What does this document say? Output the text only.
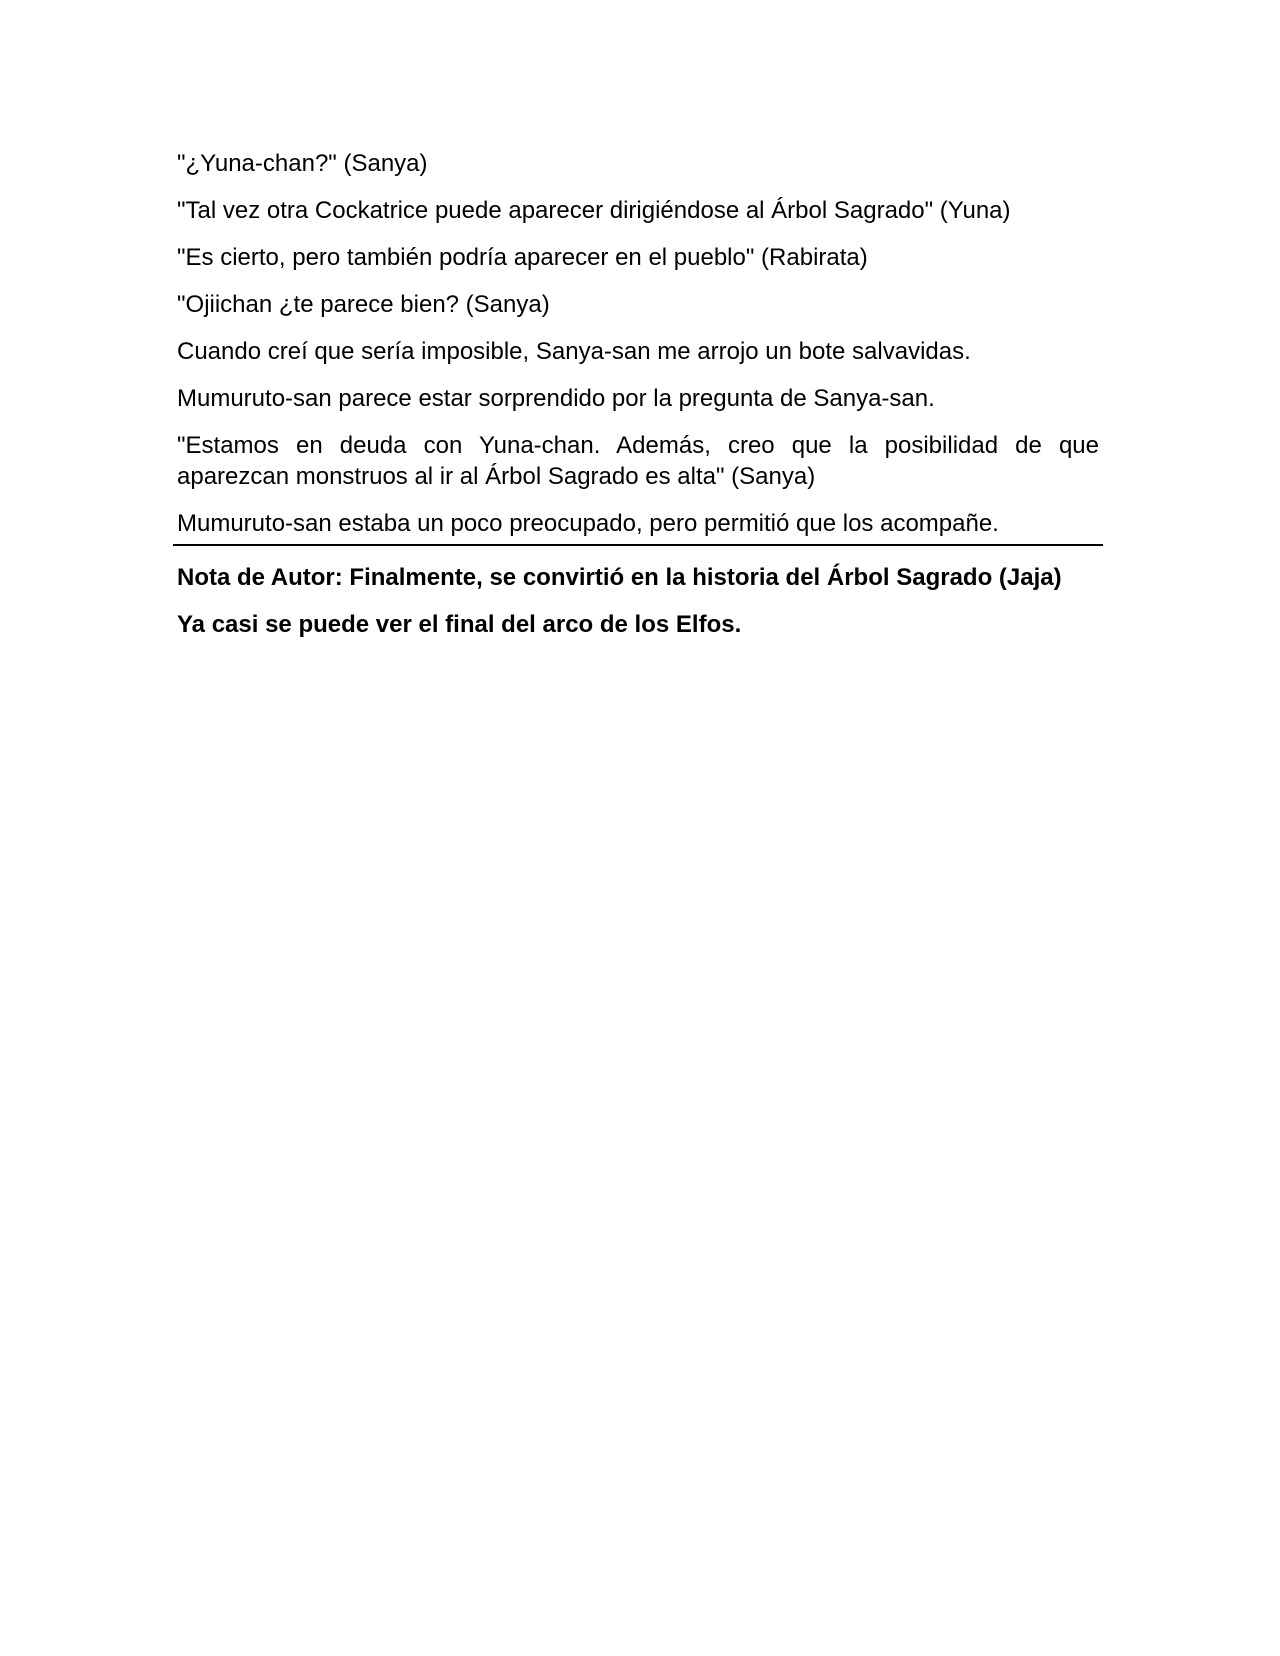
"¿Yuna-chan?" (Sanya)

"Tal vez otra Cockatrice puede aparecer dirigiéndose al Árbol Sagrado" (Yuna)

"Es cierto, pero también podría aparecer en el pueblo" (Rabirata)

"Ojiichan ¿te parece bien? (Sanya)

Cuando creí que sería imposible, Sanya-san me arrojo un bote salvavidas.

Mumuruto-san parece estar sorprendido por la pregunta de Sanya-san.

"Estamos en deuda con Yuna-chan. Además, creo que la posibilidad de que aparezcan monstruos al ir al Árbol Sagrado es alta" (Sanya)

Mumuruto-san estaba un poco preocupado, pero permitió que los acompañe.

Nota de Autor: Finalmente, se convirtió en la historia del Árbol Sagrado (Jaja)

Ya casi se puede ver el final del arco de los Elfos.
